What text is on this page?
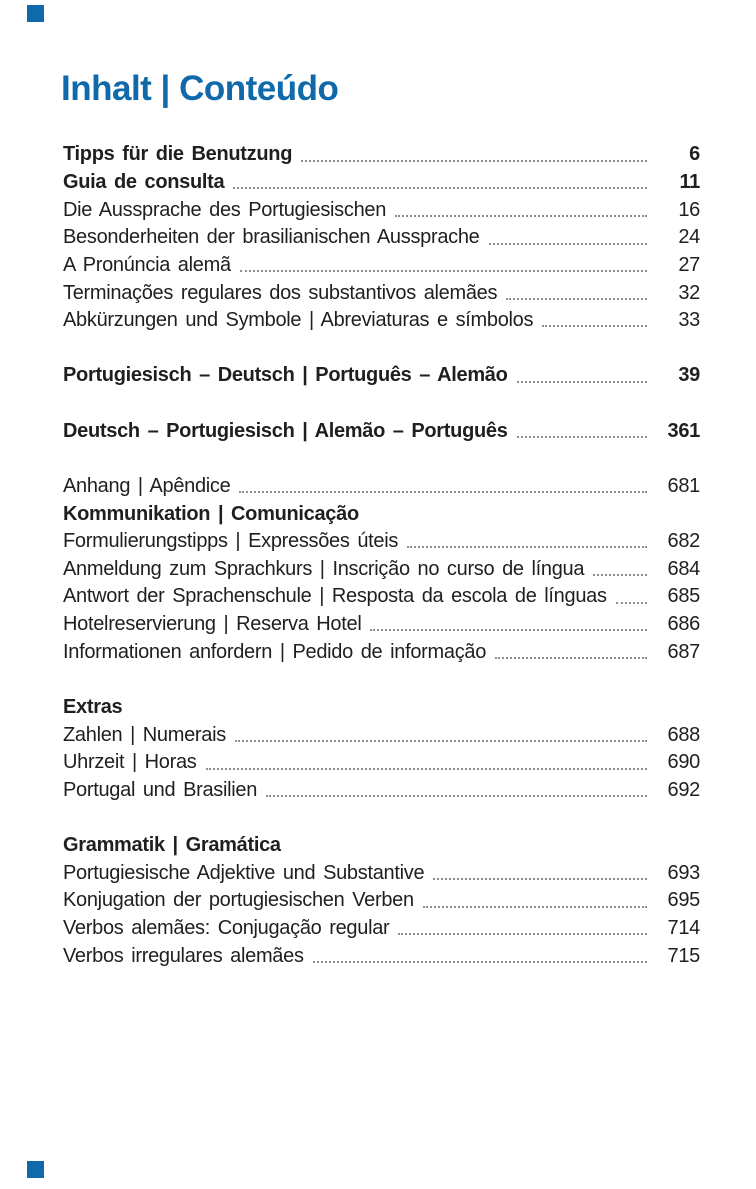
Inhalt | Conteúdo
Tipps für die Benutzung	6
Guia de consulta	11
Die Aussprache des Portugiesischen	16
Besonderheiten der brasilianischen Aussprache	24
A Pronúncia alemã	27
Terminações regulares dos substantivos alemães	32
Abkürzungen und Symbole | Abreviaturas e símbolos	33
Portugiesisch – Deutsch | Português – Alemão	39
Deutsch – Portugiesisch | Alemão – Português	361
Anhang | Apêndice	681
Kommunikation | Comunicação
Formulierungstipps | Expressões úteis	682
Anmeldung zum Sprachkurs | Inscrição no curso de língua	684
Antwort der Sprachenschule | Resposta da escola de línguas	685
Hotelreservierung | Reserva Hotel	686
Informationen anfordern | Pedido de informação	687
Extras
Zahlen | Numerais	688
Uhrzeit | Horas	690
Portugal und Brasilien	692
Grammatik | Gramática
Portugiesische Adjektive und Substantive	693
Konjugation der portugiesischen Verben	695
Verbos alemães: Conjugação regular	714
Verbos irregulares alemães	715
